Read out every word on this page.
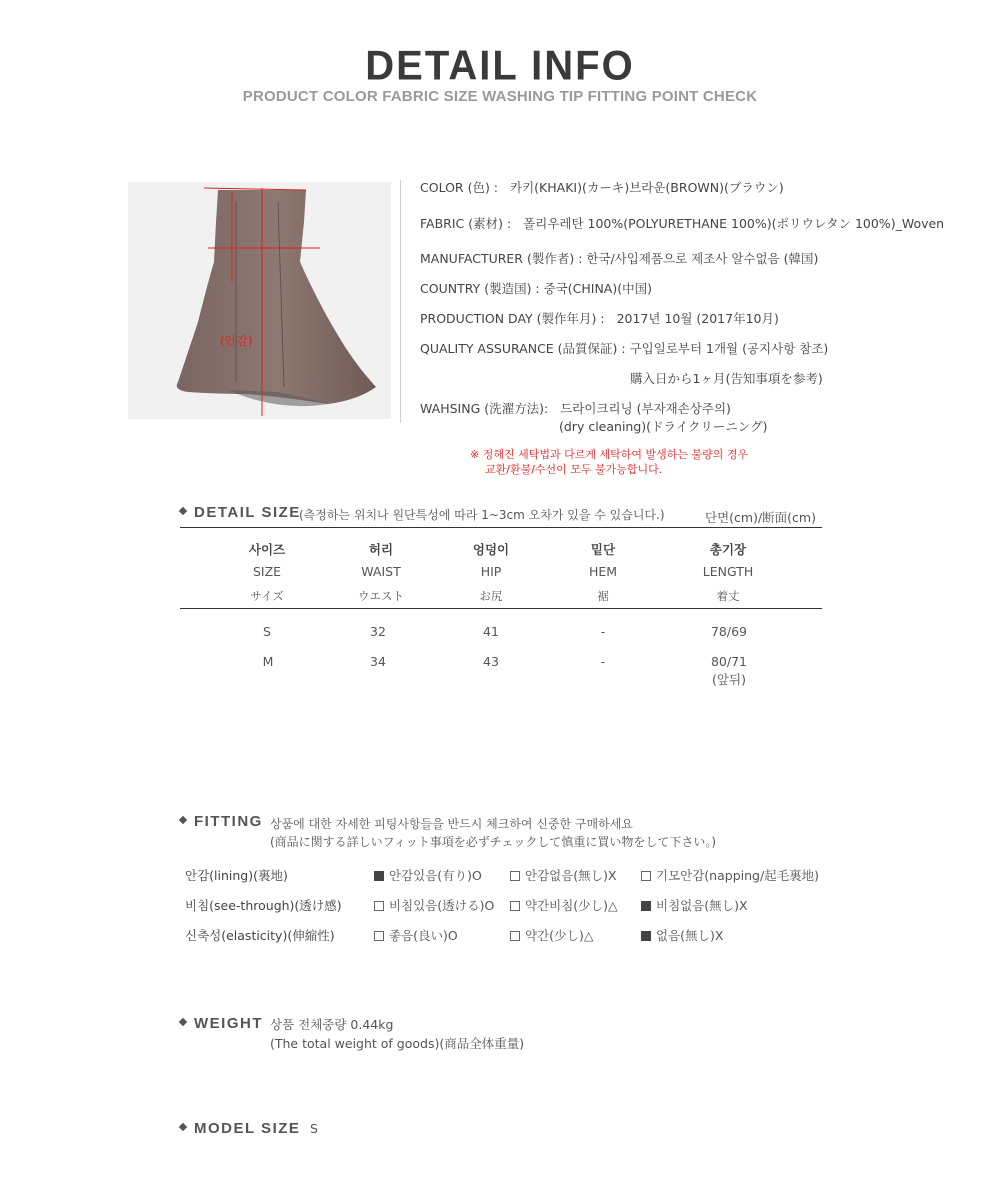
DETAIL INFO
PRODUCT COLOR FABRIC SIZE WASHING TIP FITTING POINT CHECK
(안감)
COLOR (色) : 카키(KHAKI)(カーキ)브라운(BROWN)(ブラウン)
FABRIC (素材) : 폴리우레탄 100%(POLYURETHANE 100%)(ポリウレタン 100%)_Woven
MANUFACTURER (製作者) : 한국/사입제품으로 제조사 알수없음 (韓国)
COUNTRY (製造国) : 중국(CHINA)(中国)
PRODUCTION DAY (製作年月) : 2017년 10월 (2017年10月)
QUALITY ASSURANCE (品質保証) : 구입일로부터 1개월 (공지사항 참조)
購入日から1ヶ月(告知事項を参考)
WAHSING (洗濯方法): 드라이크리닝 (부자재손상주의)
(dry cleaning)(ドライクリーニング)
※ 정해진 세탁법과 다르게 세탁하여 발생하는 불량의 경우
교환/환불/수선이 모두 불가능합니다.
DETAIL SIZE
(측정하는 위치나 원단특성에 따라 1~3cm 오차가 있을 수 있습니다.)	단면(cm)/断面(cm)
사이즈	허리	엉덩이	밑단	총기장
SIZE	WAIST	HIP	HEM	LENGTH
サイズ	ウエスト	お尻	裾	着丈
S	32	41	-	78/69
M	34	43	-	80/71
(앞뒤)
FITTING 상품에 대한 자세한 피팅사항들을 반드시 체크하여 신중한 구매하세요
(商品に関する詳しいフィット事項を必ずチェックして慎重に買い物をして下さい。)
안감(lining)(裏地)	안감있음(有り)O	안감없음(無し)X	기모안감(napping/起毛裏地)
비침(see-through)(透け感)	비침있음(透ける)O	약간비침(少し)△	비침없음(無し)X
신축성(elasticity)(伸縮性)	좋음(良い)O	약간(少し)△	없음(無し)X
WEIGHT 상품 전체중량 0.44kg
(The total weight of goods)(商品全体重量)
MODEL SIZE S
